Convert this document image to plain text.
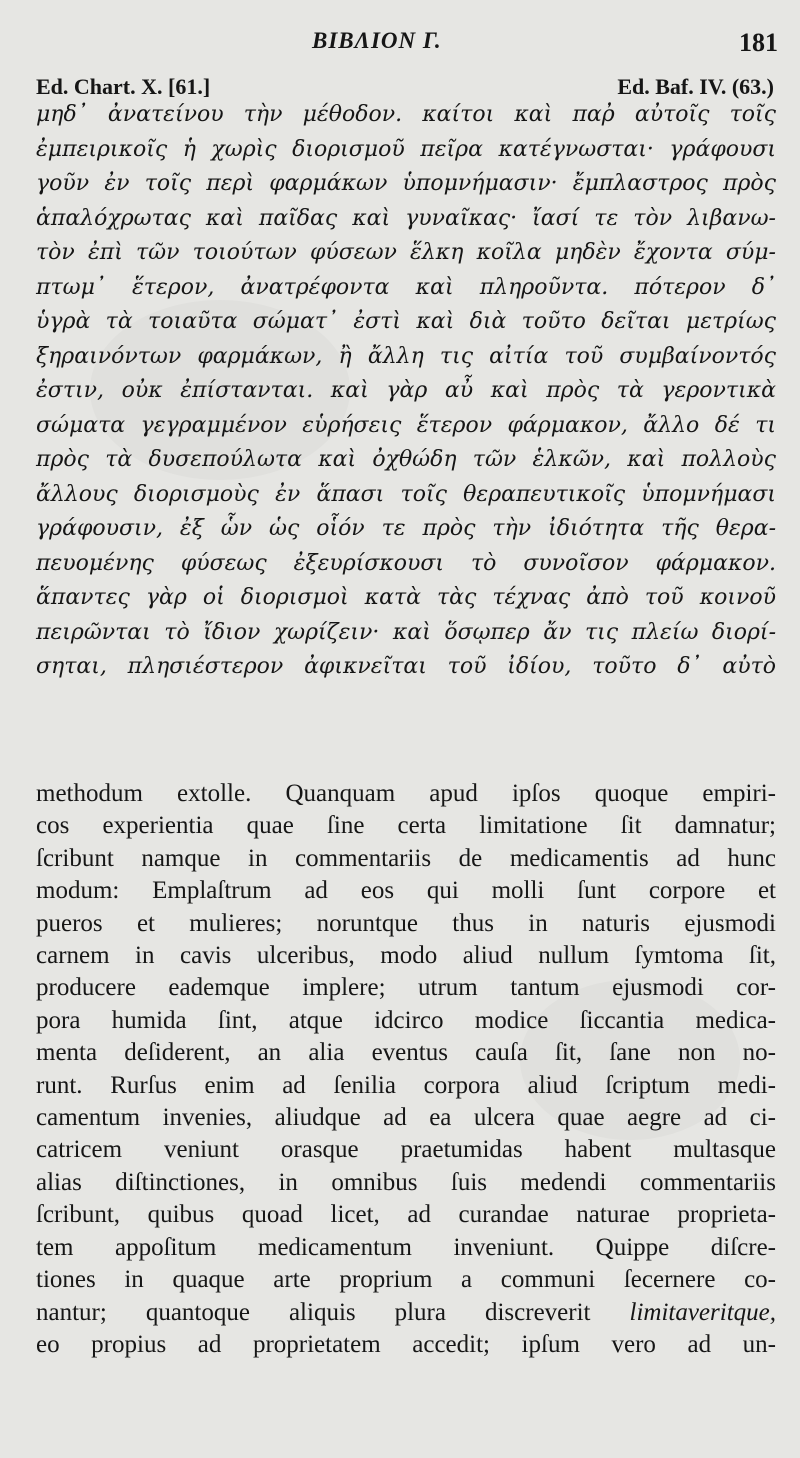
ΒΙΒΛΙΟΝ Γ.	181
Ed. Chart. X. [61.]	Ed. Baf. IV. (63.)
μηδ᾽ ἀνατείνου τὴν μέθοδον. καίτοι καὶ παῤ αὐτοῖς τοῖς
ἐμπειρικοῖς ἡ χωρὶς διορισμοῦ πεῖρα κατέγνωσται· γράφουσι
γοῦν ἐν τοῖς περὶ φαρμάκων ὑπομνήμασιν· ἔμπλαστρος πρὸς
ἁπαλόχρωτας καὶ παῖδας καὶ γυναῖκας· ἴασί τε τὸν λιβανω-
τὸν ἐπὶ τῶν τοιούτων φύσεων ἕλκη κοῖλα μηδὲν ἔχοντα σύμ-
πτωμ᾽ ἕτερον, ἀνατρέφοντα καὶ πληροῦντα. πότερον δ᾽
ὑγρὰ τὰ τοιαῦτα σώματ᾽ ἐστὶ καὶ διὰ τοῦτο δεῖται μετρίως
ξηραινόντων φαρμάκων, ἢ ἄλλη τις αἰτία τοῦ συμβαίνοντός
ἐστιν, οὐκ ἐπίστανται. καὶ γὰρ αὖ καὶ πρὸς τὰ γεροντικὰ
σώματα γεγραμμένον εὑρήσεις ἕτερον φάρμακον, ἄλλο δέ τι
πρὸς τὰ δυσεπούλωτα καὶ ὀχθώδη τῶν ἑλκῶν, καὶ πολλοὺς
ἄλλους διορισμοὺς ἐν ἅπασι τοῖς θεραπευτικοῖς ὑπομνήμασι
γράφουσιν, ἐξ ὧν ὡς οἷόν τε πρὸς τὴν ἰδιότητα τῆς θερα-
πευομένης φύσεως ἐξευρίσκουσι τὸ συνοῖσον φάρμακον.
ἅπαντες γὰρ οἱ διορισμοὶ κατὰ τὰς τέχνας ἀπὸ τοῦ κοινοῦ
πειρῶνται τὸ ἴδιον χωρίζειν· καὶ ὅσῳπερ ἄν τις πλείω διορί-
σηται, πλησιέστερον ἀφικνεῖται τοῦ ἰδίου, τοῦτο δ᾽ αὐτὸ
methodum extolle. Quanquam apud ipſos quoque empiri-
cos experientia quae ſine certa limitatione ſit damnatur;
ſcribunt namque in commentariis de medicamentis ad hunc
modum: Emplaſtrum ad eos qui molli ſunt corpore et
pueros et mulieres; noruntque thus in naturis ejusmodi
carnem in cavis ulceribus, modo aliud nullum ſymtoma ſit,
producere eademque implere; utrum tantum ejusmodi cor-
pora humida ſint, atque idcirco modice ſiccantia medica-
menta deſiderent, an alia eventus cauſa ſit, ſane non no-
runt. Rurſus enim ad ſenilia corpora aliud ſcriptum medi-
camentum invenies, aliudque ad ea ulcera quae aegre ad ci-
catricem veniunt orasque praetumidas habent multasque
alias diſtinctiones, in omnibus ſuis medendi commentariis
ſcribunt, quibus quoad licet, ad curandae naturae proprieta-
tem appoſitum medicamentum inveniunt. Quippe diſcre-
tiones in quaque arte proprium a communi ſecernere co-
nantur; quantoque aliquis plura discreverit limitaveritque,
eo propius ad proprietatem accedit; ipſum vero ad un-
